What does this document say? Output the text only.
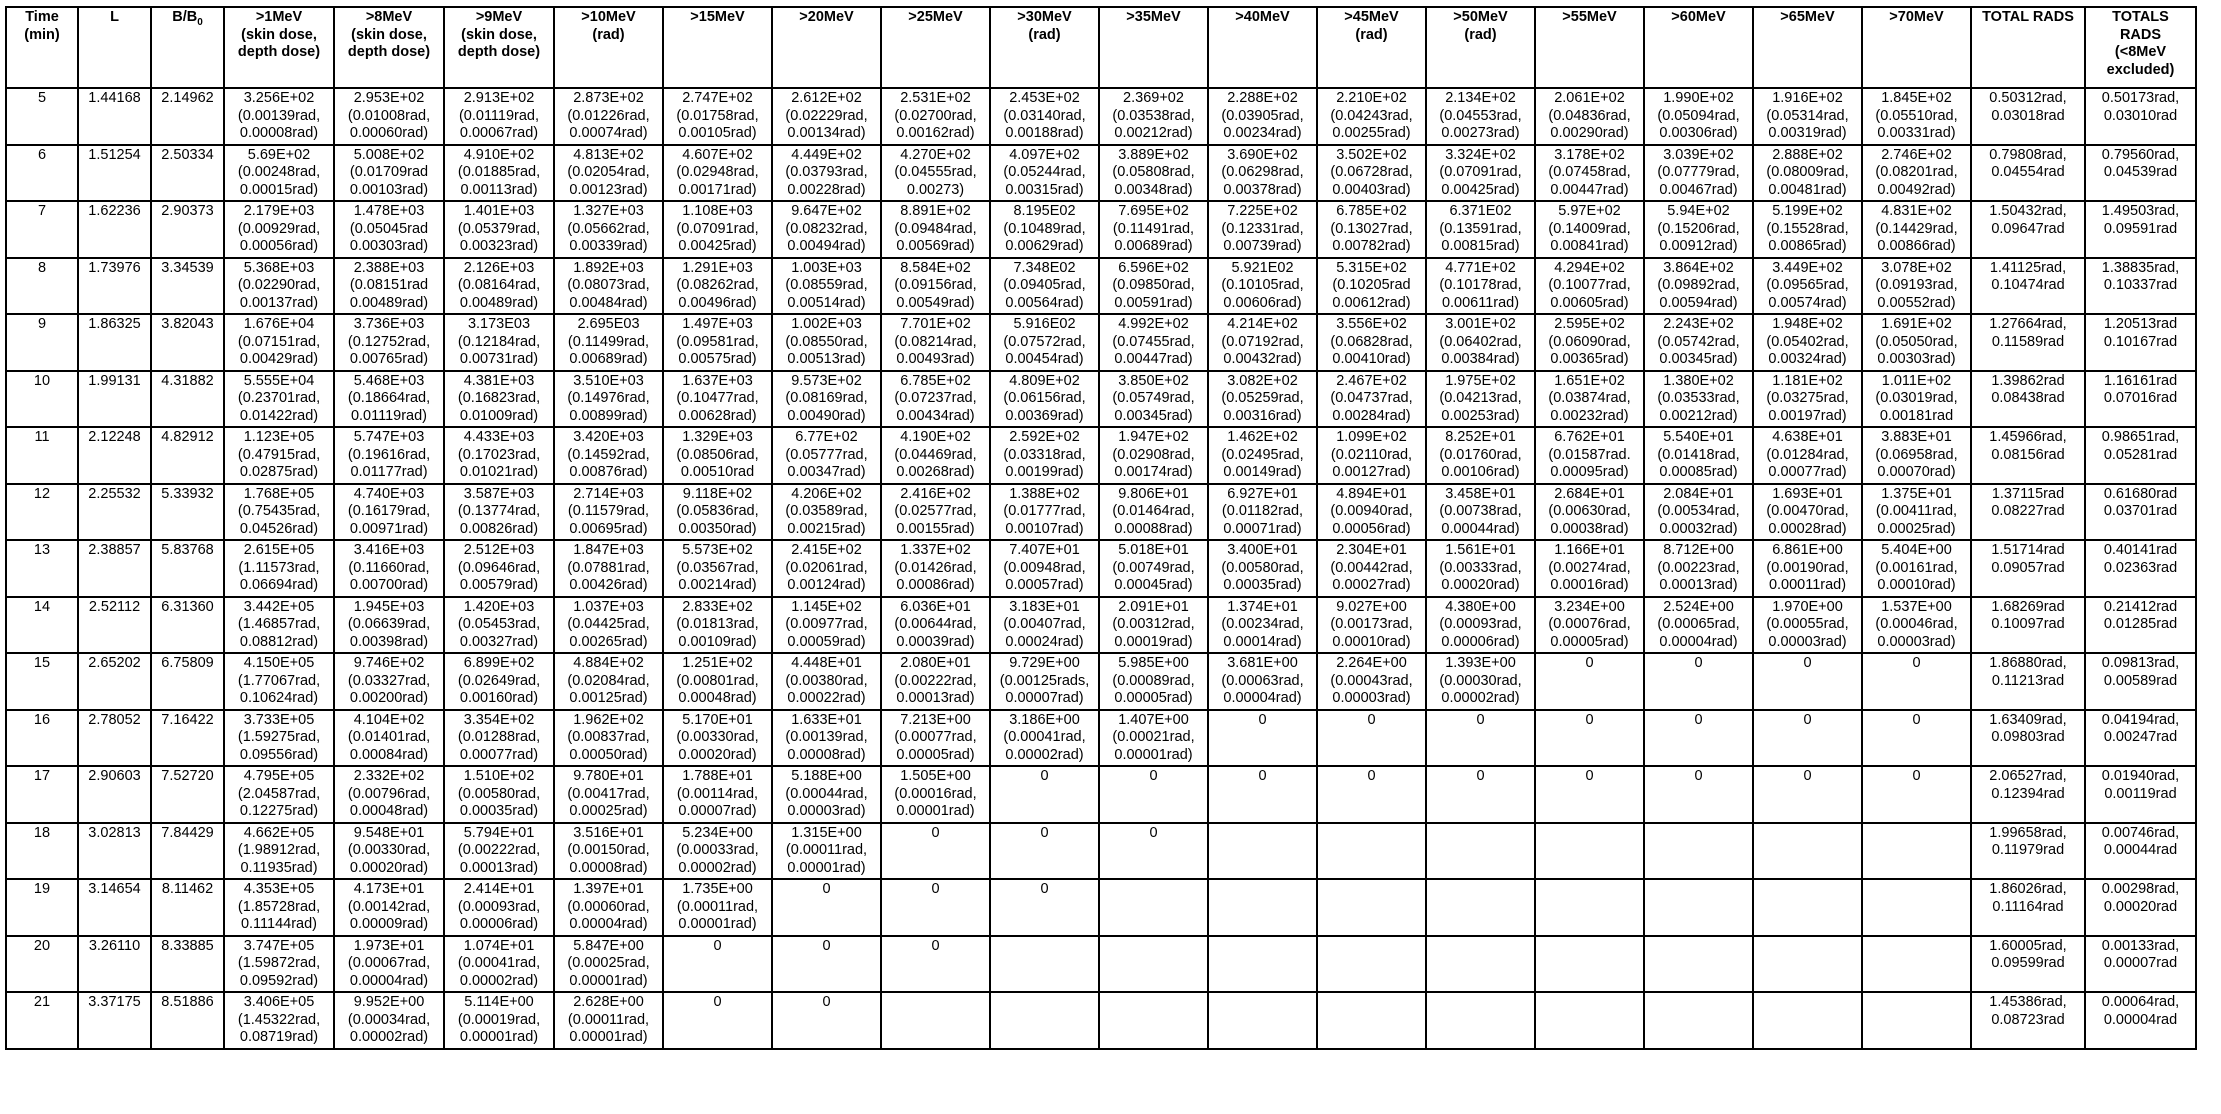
Time
(min)	L	$B/B_0$	>1MeV
(skin dose,
depth dose)	>8MeV
(skin dose,
depth dose)	>9MeV
(skin dose,
depth dose)	>10MeV
(rad)	>15MeV	>20MeV	>25MeV	>30MeV
(rad)	>35MeV	>40MeV	>45MeV
(rad)	>50MeV
(rad)	>55MeV	>60MeV	>65MeV	>70MeV	TOTAL RADS	TOTALS
RADS
(<8MeV
excluded)
5	1.44168	2.14962	3.256E+02
(0.00139rad,
0.00008rad)	2.953E+02
(0.01008rad,
0.00060rad)	2.913E+02
(0.01119rad,
0.00067rad)	2.873E+02
(0.01226rad,
0.00074rad)	2.747E+02
(0.01758rad,
0.00105rad)	2.612E+02
(0.02229rad,
0.00134rad)	2.531E+02
(0.02700rad,
0.00162rad)	2.453E+02
(0.03140rad,
0.00188rad)	2.369+02
(0.03538rad,
0.00212rad)	2.288E+02
(0.03905rad,
0.00234rad)	2.210E+02
(0.04243rad,
0.00255rad)	2.134E+02
(0.04553rad,
0.00273rad)	2.061E+02
(0.04836rad,
0.00290rad)	1.990E+02
(0.05094rad,
0.00306rad)	1.916E+02
(0.05314rad,
0.00319rad)	1.845E+02
(0.05510rad,
0.00331rad)	0.50312rad,
0.03018rad	0.50173rad,
0.03010rad
6	1.51254	2.50334	5.69E+02
(0.00248rad,
0.00015rad)	5.008E+02
(0.01709rad
0.00103rad)	4.910E+02
(0.01885rad,
0.00113rad)	4.813E+02
(0.02054rad,
0.00123rad)	4.607E+02
(0.02948rad,
0.00171rad)	4.449E+02
(0.03793rad,
0.00228rad)	4.270E+02
(0.04555rad,
0.00273)	4.097E+02
(0.05244rad,
0.00315rad)	3.889E+02
(0.05808rad,
0.00348rad)	3.690E+02
(0.06298rad,
0.00378rad)	3.502E+02
(0.06728rad,
0.00403rad)	3.324E+02
(0.07091rad,
0.00425rad)	3.178E+02
(0.07458rad,
0.00447rad)	3.039E+02
(0.07779rad,
0.00467rad)	2.888E+02
(0.08009rad,
0.00481rad)	2.746E+02
(0.08201rad,
0.00492rad)	0.79808rad,
0.04554rad	0.79560rad,
0.04539rad
7	1.62236	2.90373	2.179E+03
(0.00929rad,
0.00056rad)	1.478E+03
(0.05045rad
0.00303rad)	1.401E+03
(0.05379rad,
0.00323rad)	1.327E+03
(0.05662rad,
0.00339rad)	1.108E+03
(0.07091rad,
0.00425rad)	9.647E+02
(0.08232rad,
0.00494rad)	8.891E+02
(0.09484rad,
0.00569rad)	8.195E02
(0.10489rad,
0.00629rad)	7.695E+02
(0.11491rad,
0.00689rad)	7.225E+02
(0.12331rad,
0.00739rad)	6.785E+02
(0.13027rad,
0.00782rad)	6.371E02
(0.13591rad,
0.00815rad)	5.97E+02
(0.14009rad,
0.00841rad)	5.94E+02
(0.15206rad,
0.00912rad)	5.199E+02
(0.15528rad,
0.00865rad)	4.831E+02
(0.14429rad,
0.00866rad)	1.50432rad,
0.09647rad	1.49503rad,
0.09591rad
8	1.73976	3.34539	5.368E+03
(0.02290rad,
0.00137rad)	2.388E+03
(0.08151rad
0.00489rad)	2.126E+03
(0.08164rad,
0.00489rad)	1.892E+03
(0.08073rad,
0.00484rad)	1.291E+03
(0.08262rad,
0.00496rad)	1.003E+03
(0.08559rad,
0.00514rad)	8.584E+02
(0.09156rad,
0.00549rad)	7.348E02
(0.09405rad,
0.00564rad)	6.596E+02
(0.09850rad,
0.00591rad)	5.921E02
(0.10105rad,
0.00606rad)	5.315E+02
(0.10205rad
0.00612rad)	4.771E+02
(0.10178rad,
0.00611rad)	4.294E+02
(0.10077rad,
0.00605rad)	3.864E+02
(0.09892rad,
0.00594rad)	3.449E+02
(0.09565rad,
0.00574rad)	3.078E+02
(0.09193rad,
0.00552rad)	1.41125rad,
0.10474rad	1.38835rad,
0.10337rad
9	1.86325	3.82043	1.676E+04
(0.07151rad,
0.00429rad)	3.736E+03
(0.12752rad,
0.00765rad)	3.173E03
(0.12184rad,
0.00731rad)	2.695E03
(0.11499rad,
0.00689rad)	1.497E+03
(0.09581rad,
0.00575rad)	1.002E+03
(0.08550rad,
0.00513rad)	7.701E+02
(0.08214rad,
0.00493rad)	5.916E02
(0.07572rad,
0.00454rad)	4.992E+02
(0.07455rad,
0.00447rad)	4.214E+02
(0.07192rad,
0.00432rad)	3.556E+02
(0.06828rad,
0.00410rad)	3.001E+02
(0.06402rad,
0.00384rad)	2.595E+02
(0.06090rad,
0.00365rad)	2.243E+02
(0.05742rad,
0.00345rad)	1.948E+02
(0.05402rad,
0.00324rad)	1.691E+02
(0.05050rad,
0.00303rad)	1.27664rad,
0.11589rad	1.20513rad
0.10167rad
10	1.99131	4.31882	5.555E+04
(0.23701rad,
0.01422rad)	5.468E+03
(0.18664rad,
0.01119rad)	4.381E+03
(0.16823rad,
0.01009rad)	3.510E+03
(0.14976rad,
0.00899rad)	1.637E+03
(0.10477rad,
0.00628rad)	9.573E+02
(0.08169rad,
0.00490rad)	6.785E+02
(0.07237rad,
0.00434rad)	4.809E+02
(0.06156rad,
0.00369rad)	3.850E+02
(0.05749rad,
0.00345rad)	3.082E+02
(0.05259rad,
0.00316rad)	2.467E+02
(0.04737rad,
0.00284rad)	1.975E+02
(0.04213rad,
0.00253rad)	1.651E+02
(0.03874rad,
0.00232rad)	1.380E+02
(0.03533rad,
0.00212rad)	1.181E+02
(0.03275rad,
0.00197rad)	1.011E+02
(0.03019rad,
0.00181rad	1.39862rad
0.08438rad	1.16161rad
0.07016rad
11	2.12248	4.82912	1.123E+05
(0.47915rad,
0.02875rad)	5.747E+03
(0.19616rad,
0.01177rad)	4.433E+03
(0.17023rad,
0.01021rad)	3.420E+03
(0.14592rad,
0.00876rad)	1.329E+03
(0.08506rad,
0.00510rad	6.77E+02
(0.05777rad,
0.00347rad)	4.190E+02
(0.04469rad,
0.00268rad)	2.592E+02
(0.03318rad,
0.00199rad)	1.947E+02
(0.02908rad,
0.00174rad)	1.462E+02
(0.02495rad,
0.00149rad)	1.099E+02
(0.02110rad,
0.00127rad)	8.252E+01
(0.01760rad,
0.00106rad)	6.762E+01
(0.01587rad.
0.00095rad)	5.540E+01
(0.01418rad,
0.00085rad)	4.638E+01
(0.01284rad,
0.00077rad)	3.883E+01
(0.06958rad,
0.00070rad)	1.45966rad,
0.08156rad	0.98651rad,
0.05281rad
12	2.25532	5.33932	1.768E+05
(0.75435rad,
0.04526rad)	4.740E+03
(0.16179rad,
0.00971rad)	3.587E+03
(0.13774rad,
0.00826rad)	2.714E+03
(0.11579rad,
0.00695rad)	9.118E+02
(0.05836rad,
0.00350rad)	4.206E+02
(0.03589rad,
0.00215rad)	2.416E+02
(0.02577rad,
0.00155rad)	1.388E+02
(0.01777rad,
0.00107rad)	9.806E+01
(0.01464rad,
0.00088rad)	6.927E+01
(0.01182rad,
0.00071rad)	4.894E+01
(0.00940rad,
0.00056rad)	3.458E+01
(0.00738rad,
0.00044rad)	2.684E+01
(0.00630rad,
0.00038rad)	2.084E+01
(0.00534rad,
0.00032rad)	1.693E+01
(0.00470rad,
0.00028rad)	1.375E+01
(0.00411rad,
0.00025rad)	1.37115rad
0.08227rad	0.61680rad
0.03701rad
13	2.38857	5.83768	2.615E+05
(1.11573rad,
0.06694rad)	3.416E+03
(0.11660rad,
0.00700rad)	2.512E+03
(0.09646rad,
0.00579rad)	1.847E+03
(0.07881rad,
0.00426rad)	5.573E+02
(0.03567rad,
0.00214rad)	2.415E+02
(0.02061rad,
0.00124rad)	1.337E+02
(0.01426rad,
0.00086rad)	7.407E+01
(0.00948rad,
0.00057rad)	5.018E+01
(0.00749rad,
0.00045rad)	3.400E+01
(0.00580rad,
0.00035rad)	2.304E+01
(0.00442rad,
0.00027rad)	1.561E+01
(0.00333rad,
0.00020rad)	1.166E+01
(0.00274rad,
0.00016rad)	8.712E+00
(0.00223rad,
0.00013rad)	6.861E+00
(0.00190rad,
0.00011rad)	5.404E+00
(0.00161rad,
0.00010rad)	1.51714rad
0.09057rad	0.40141rad
0.02363rad
14	2.52112	6.31360	3.442E+05
(1.46857rad,
0.08812rad)	1.945E+03
(0.06639rad,
0.00398rad)	1.420E+03
(0.05453rad,
0.00327rad)	1.037E+03
(0.04425rad,
0.00265rad)	2.833E+02
(0.01813rad,
0.00109rad)	1.145E+02
(0.00977rad,
0.00059rad)	6.036E+01
(0.00644rad,
0.00039rad)	3.183E+01
(0.00407rad,
0.00024rad)	2.091E+01
(0.00312rad,
0.00019rad)	1.374E+01
(0.00234rad,
0.00014rad)	9.027E+00
(0.00173rad,
0.00010rad)	4.380E+00
(0.00093rad,
0.00006rad)	3.234E+00
(0.00076rad,
0.00005rad)	2.524E+00
(0.00065rad,
0.00004rad)	1.970E+00
(0.00055rad,
0.00003rad)	1.537E+00
(0.00046rad,
0.00003rad)	1.68269rad
0.10097rad	0.21412rad
0.01285rad
15	2.65202	6.75809	4.150E+05
(1.77067rad,
0.10624rad)	9.746E+02
(0.03327rad,
0.00200rad)	6.899E+02
(0.02649rad,
0.00160rad)	4.884E+02
(0.02084rad,
0.00125rad)	1.251E+02
(0.00801rad,
0.00048rad)	4.448E+01
(0.00380rad,
0.00022rad)	2.080E+01
(0.00222rad,
0.00013rad)	9.729E+00
(0.00125rads,
0.00007rad)	5.985E+00
(0.00089rad,
0.00005rad)	3.681E+00
(0.00063rad,
0.00004rad)	2.264E+00
(0.00043rad,
0.00003rad)	1.393E+00
(0.00030rad,
0.00002rad)	0	0	0	0	1.86880rad,
0.11213rad	0.09813rad,
0.00589rad
16	2.78052	7.16422	3.733E+05
(1.59275rad,
0.09556rad)	4.104E+02
(0.01401rad,
0.00084rad)	3.354E+02
(0.01288rad,
0.00077rad)	1.962E+02
(0.00837rad,
0.00050rad)	5.170E+01
(0.00330rad,
0.00020rad)	1.633E+01
(0.00139rad,
0.00008rad)	7.213E+00
(0.00077rad,
0.00005rad)	3.186E+00
(0.00041rad,
0.00002rad)	1.407E+00
(0.00021rad,
0.00001rad)	0	0	0	0	0	0	0	1.63409rad,
0.09803rad	0.04194rad,
0.00247rad
17	2.90603	7.52720	4.795E+05
(2.04587rad,
0.12275rad)	2.332E+02
(0.00796rad,
0.00048rad)	1.510E+02
(0.00580rad,
0.00035rad)	9.780E+01
(0.00417rad,
0.00025rad)	1.788E+01
(0.00114rad,
0.00007rad)	5.188E+00
(0.00044rad,
0.00003rad)	1.505E+00
(0.00016rad,
0.00001rad)	0	0	0	0	0	0	0	0	0	2.06527rad,
0.12394rad	0.01940rad,
0.00119rad
18	3.02813	7.84429	4.662E+05
(1.98912rad,
0.11935rad)	9.548E+01
(0.00330rad,
0.00020rad)	5.794E+01
(0.00222rad,
0.00013rad)	3.516E+01
(0.00150rad,
0.00008rad)	5.234E+00
(0.00033rad,
0.00002rad)	1.315E+00
(0.00011rad,
0.00001rad)	0	0	0								1.99658rad,
0.11979rad	0.00746rad,
0.00044rad
19	3.14654	8.11462	4.353E+05
(1.85728rad,
0.11144rad)	4.173E+01
(0.00142rad,
0.00009rad)	2.414E+01
(0.00093rad,
0.00006rad)	1.397E+01
(0.00060rad,
0.00004rad)	1.735E+00
(0.00011rad,
0.00001rad)	0	0	0									1.86026rad,
0.11164rad	0.00298rad,
0.00020rad
20	3.26110	8.33885	3.747E+05
(1.59872rad,
0.09592rad)	1.973E+01
(0.00067rad,
0.00004rad)	1.074E+01
(0.00041rad,
0.00002rad)	5.847E+00
(0.00025rad,
0.00001rad)	0	0	0										1.60005rad,
0.09599rad	0.00133rad,
0.00007rad
21	3.37175	8.51886	3.406E+05
(1.45322rad,
0.08719rad)	9.952E+00
(0.00034rad,
0.00002rad)	5.114E+00
(0.00019rad,
0.00001rad)	2.628E+00
(0.00011rad,
0.00001rad)	0	0											1.45386rad,
0.08723rad	0.00064rad,
0.00004rad
